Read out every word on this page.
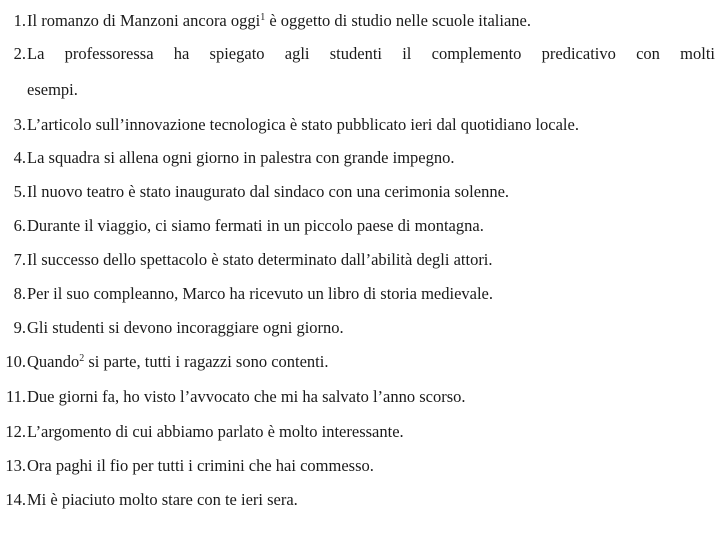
1. Il romanzo di Manzoni ancora oggi$^1$ è oggetto di studio nelle scuole italiane.
2. La professoressa ha spiegato agli studenti il complemento predicativo con molti
esempi.
3. L’articolo sull’innovazione tecnologica è stato pubblicato ieri dal quotidiano locale.
4. La squadra si allena ogni giorno in palestra con grande impegno.
5. Il nuovo teatro è stato inaugurato dal sindaco con una cerimonia solenne.
6. Durante il viaggio, ci siamo fermati in un piccolo paese di montagna.
7. Il successo dello spettacolo è stato determinato dall’abilità degli attori.
8. Per il suo compleanno, Marco ha ricevuto un libro di storia medievale.
9. Gli studenti si devono incoraggiare ogni giorno.
10. Quando$^2$ si parte, tutti i ragazzi sono contenti.
11. Due giorni fa, ho visto l’avvocato che mi ha salvato l’anno scorso.
12. L’argomento di cui abbiamo parlato è molto interessante.
13. Ora paghi il fio per tutti i crimini che hai commesso.
14. Mi è piaciuto molto stare con te ieri sera.
